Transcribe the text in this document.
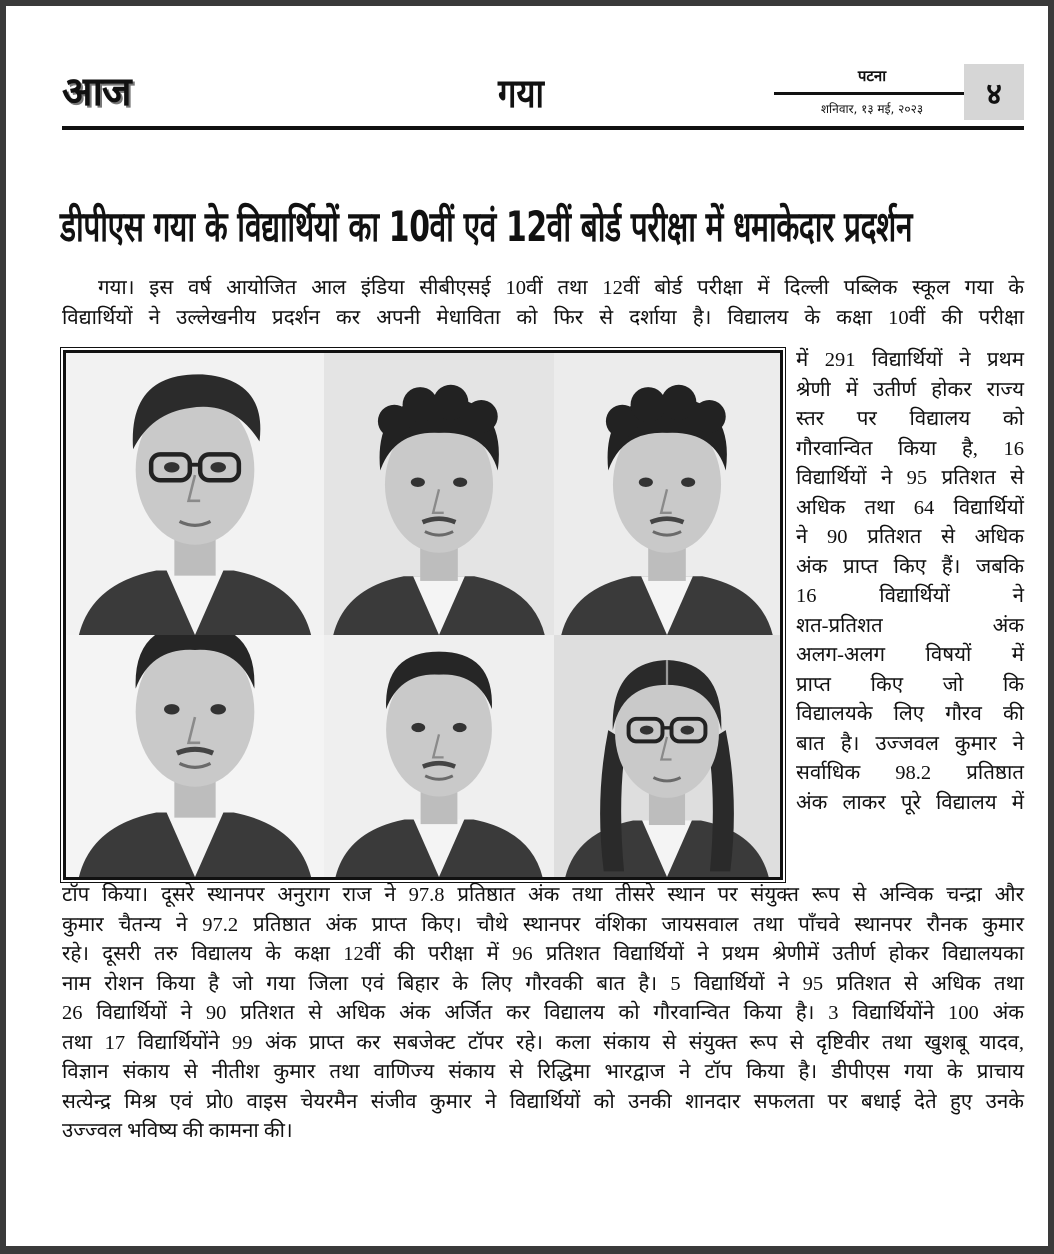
आज	गया	पटना
शनिवार, १३ मई, २०२३	४
डीपीएस गया के विद्यार्थियों का 10वीं एवं 12वीं बोर्ड परीक्षा में धमाकेदार प्रदर्शन
गया। इस वर्ष आयोजित आल इंडिया सीबीएसई 10वीं तथा 12वीं बोर्ड परीक्षा में दिल्ली पब्लिक स्कूल गया के
विद्यार्थियों ने उल्लेखनीय प्रदर्शन कर अपनी मेधाविता को फिर से दर्शाया है। विद्यालय के कक्षा 10वीं की परीक्षा
में 291 विद्यार्थियों ने प्रथम
श्रेणी में उतीर्ण होकर राज्य
स्तर पर विद्यालय को
गौरवान्वित किया है, 16
विद्यार्थियों ने 95 प्रतिशत से
अधिक तथा 64 विद्यार्थियों
ने 90 प्रतिशत से अधिक
अंक प्राप्त किए हैं। जबकि
16 विद्यार्थियों ने
शत-प्रतिशत अंक
अलग-अलग विषयों में
प्राप्त किए जो कि
विद्यालयके लिए गौरव की
बात है। उज्जवल कुमार ने
सर्वाधिक 98.2 प्रतिष्ठात
अंक लाकर पूरे विद्यालय में
टॉप किया। दूसरे स्थानपर अनुराग राज ने 97.8 प्रतिष्ठात अंक तथा तीसरे स्थान पर संयुक्त रूप से अन्विक चन्द्रा और
कुमार चैतन्य ने 97.2 प्रतिष्ठात अंक प्राप्त किए। चौथे स्थानपर वंशिका जायसवाल तथा पाँचवे स्थानपर रौनक कुमार
रहे। दूसरी तरु विद्यालय के कक्षा 12वीं की परीक्षा में 96 प्रतिशत विद्यार्थियों ने प्रथम श्रेणीमें उतीर्ण होकर विद्यालयका
नाम रोशन किया है जो गया जिला एवं बिहार के लिए गौरवकी बात है। 5 विद्यार्थियों ने 95 प्रतिशत से अधिक तथा
26 विद्यार्थियों ने 90 प्रतिशत से अधिक अंक अर्जित कर विद्यालय को गौरवान्वित किया है। 3 विद्यार्थियोंने 100 अंक
तथा 17 विद्यार्थियोंने 99 अंक प्राप्त कर सबजेक्ट टॉपर रहे। कला संकाय से संयुक्त रूप से दृष्टिवीर तथा खुशबू यादव,
विज्ञान संकाय से नीतीश कुमार तथा वाणिज्य संकाय से रिद्धिमा भारद्वाज ने टॉप किया है। डीपीएस गया के प्राचाय
सत्येन्द्र मिश्र एवं प्रो0 वाइस चेयरमैन संजीव कुमार ने विद्यार्थियों को उनकी शानदार सफलता पर बधाई देते हुए उनके
उज्ज्वल भविष्य की कामना की।
